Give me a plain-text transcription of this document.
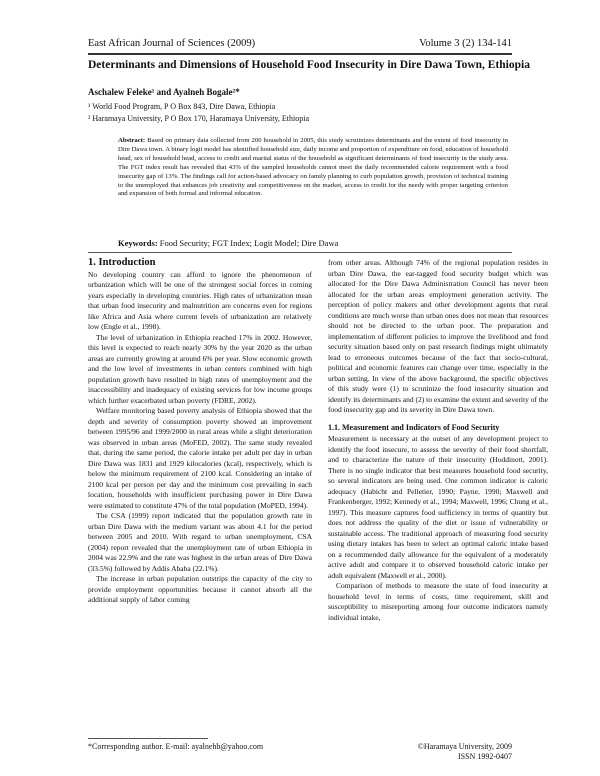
East African Journal of Sciences (2009)	Volume 3 (2) 134-141
Determinants and Dimensions of Household Food Insecurity in Dire Dawa Town, Ethiopia
Aschalew Feleke¹ and Ayalneh Bogale²*
¹ World Food Program, P O Box 843, Dire Dawa, Ethiopia
² Haramaya University, P O Box 170, Haramaya University, Ethiopia
Abstract: Based on primary data collected from 200 household in 2005, this study scrutinizes determinants and the extent of food insecurity in Dire Dawa town. A binary logit model has identified household size, daily income and proportion of expenditure on food, education of household head, sex of household head, access to credit and marital status of the household as significant determinants of food insecurity in the study area. The FGT index result has revealed that 43% of the sampled households cannot meet the daily recommended calorie requirement with a food insecurity gap of 13%. The findings call for action-based advocacy on family planning to curb population growth, provision of technical training to the unemployed that enhances job creativity and competitiveness on the market, access to credit for the needy with proper targeting criterion and expansion of both formal and informal education.
Keywords: Food Security; FGT Index; Logit Model; Dire Dawa
1. Introduction

No developing country can afford to ignore the phenomenon of urbanization which will be one of the strongest social forces in coming years especially in developing countries. High rates of urbanization mean that urban food insecurity and malnutrition are concerns even for regions like Africa and Asia where current levels of urbanization are relatively low (Engle et al., 1998).

The level of urbanization in Ethiopia reached 17% in 2002. However, this level is expected to reach nearly 30% by the year 2020 as the urban areas are currently growing at around 6% per year. Slow economic growth and the low level of investments in urban centers combined with high population growth have resulted in high rates of unemployment and the inaccessibility and inadequacy of existing services for low income groups which further exacerbated urban poverty (FDRE, 2002).

Welfare monitoring based poverty analysis of Ethiopia showed that the depth and severity of consumption poverty showed an improvement between 1995/96 and 1999/2000 in rural areas while a slight deterioration was observed in urban areas (MoFED, 2002). The same study revealed that, during the same period, the calorie intake per adult per day in urban Dire Dawa was 1831 and 1929 kilocalories (kcal), respectively, which is below the minimum requirement of 2100 kcal. Considering an intake of 2100 kcal per person per day and the minimum cost prevailing in each location, households with insufficient purchasing power in Dire Dawa were estimated to constitute 47% of the total population (MoPED, 1994).

The CSA (1999) report indicated that the population growth rate in urban Dire Dawa with the medium variant was about 4.1 for the period between 2005 and 2010. With regard to urban unemployment, CSA (2004) report revealed that the unemployment rate of urban Ethiopia in 2004 was 22.9% and the rate was highest in the urban areas of Dire Dawa (33.5%) followed by Addis Ababa (22.1%).

The increase in urban population outstrips the capacity of the city to provide employment opportunities because it cannot absorb all the additional supply of labor coming

from other areas. Although 74% of the regional population resides in urban Dire Dawa, the ear-tagged food security budget which was allocated for the Dire Dawa Administration Council has never been allocated for the urban areas employment generation activity. The perception of policy makers and other development agents that rural conditions are much worse than urban ones does not mean that resources should not be directed to the urban poor. The preparation and implementation of different policies to improve the livelihood and food security situation based only on past research findings might ultimately lead to erroneous outcomes because of the fact that socio-cultural, political and economic features can change over time, especially in the urban setting. In view of the above background, the specific objectives of this study were (1) to scrutinize the food insecurity situation and identify its determinants and (2) to examine the extent and severity of the food insecurity gap and its severity in Dire Dawa town.

1.1. Measurement and Indicators of Food Security

Measurement is necessary at the outset of any development project to identify the food insecure, to assess the severity of their food shortfall, and to characterize the nature of their insecurity (Hoddinott, 2001). There is no single indicator that best measures household food security, so several indicators are being used. One common indicator is caloric adequacy (Habicht and Pelletier, 1990; Payne, 1990; Maxwell and Frankenberger, 1992; Kennedy et al., 1994; Maxwell, 1996; Chung et al., 1997). This measure captures food sufficiency in terms of quantity but does not address the quality of the diet or issue of vulnerability or sustainable access. The traditional approach of measuring food security using dietary intakes has been to select an optimal caloric intake based on a recommended daily allowance for the equivalent of a moderately active adult and compare it to observed household caloric intake per adult equivalent (Maxwell et al., 2000).

Comparison of methods to measure the state of food insecurity at household level in terms of costs, time requirement, skill and susceptibility to misreporting among four outcome indicators namely individual intake,

*Corresponding author. E-mail: ayalnehb@yahoo.com	©Haramaya University, 2009
ISSN 1992-0407
